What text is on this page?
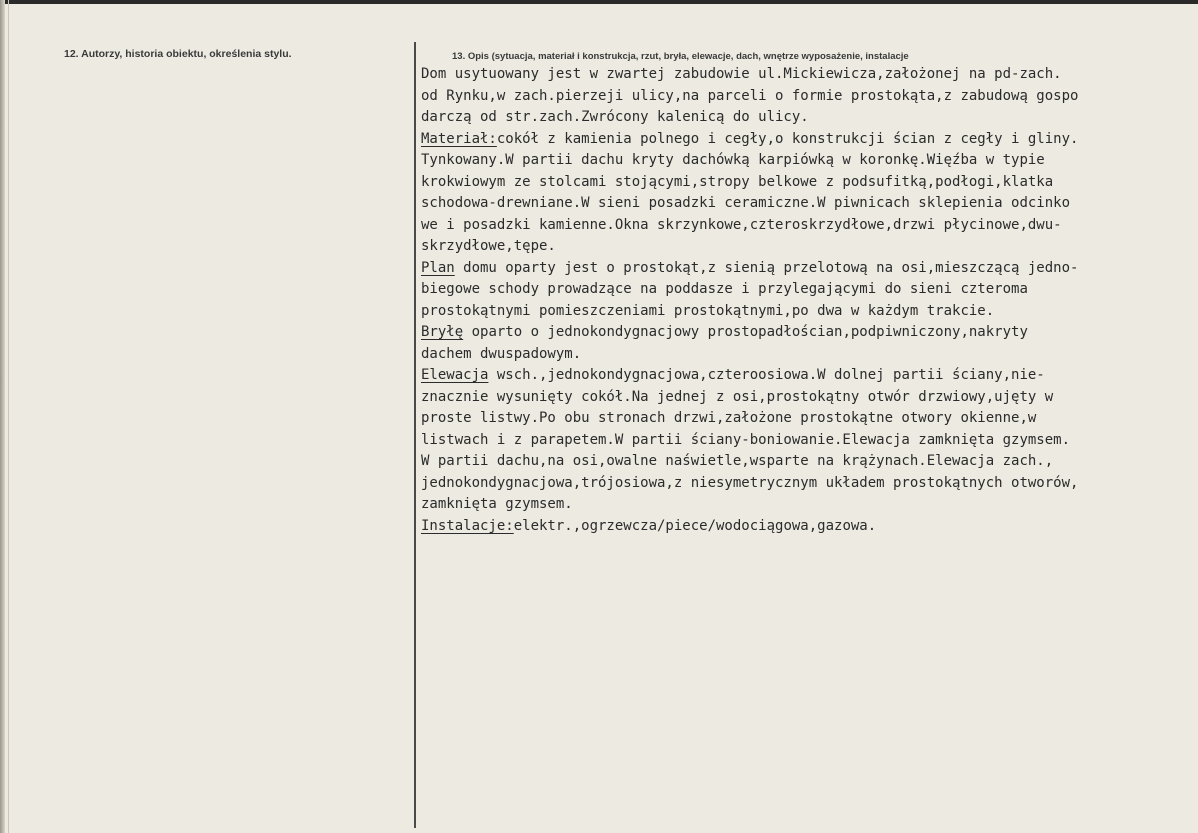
12. Autorzy, historia obiektu, określenia stylu.	13. Opis (sytuacja, materiał i konstrukcja, rzut, bryła, elewacje, dach, wnętrze wyposażenie, instalacje
Dom usytuowany jest w zwartej zabudowie ul.Mickiewicza,założonej na pd-zach.
od Rynku,w zach.pierzeji ulicy,na parceli o formie prostokąta,z zabudową gospo
darczą od str.zach.Zwrócony kalenicą do ulicy.
Materiał:cokół z kamienia polnego i cegły,o konstrukcji ścian z cegły i gliny.
Tynkowany.W partii dachu kryty dachówką karpiówką w koronkę.Więźba w typie
krokwiowym ze stolcami stojącymi,stropy belkowe z podsufitką,podłogi,klatka
schodowa-drewniane.W sieni posadzki ceramiczne.W piwnicach sklepienia odcinko
we i posadzki kamienne.Okna skrzynkowe,czteroskrzydłowe,drzwi płycinowe,dwu-
skrzydłowe,tępe.
Plan domu oparty jest o prostokąt,z sienią przelotową na osi,mieszczącą jedno-
biegowe schody prowadzące na poddasze i przylegającymi do sieni czteroma
prostokątnymi pomieszczeniami prostokątnymi,po dwa w każdym trakcie.
Bryłę oparto o jednokondygnacjowy prostopadłościan,podpiwniczony,nakryty
dachem dwuspadowym.
Elewacja wsch.,jednokondygnacjowa,czteroosiowa.W dolnej partii ściany,nie-
znacznie wysunięty cokół.Na jednej z osi,prostokątny otwór drzwiowy,ujęty w
proste listwy.Po obu stronach drzwi,założone prostokątne otwory okienne,w
listwach i z parapetem.W partii ściany-boniowanie.Elewacja zamknięta gzymsem.
W partii dachu,na osi,owalne naświetle,wsparte na krążynach.Elewacja zach.,
jednokondygnacjowa,trójosiowa,z niesymetrycznym układem prostokątnych otworów,
zamknięta gzymsem.
Instalacje:elektr.,ogrzewcza/piece/wodociągowa,gazowa.
